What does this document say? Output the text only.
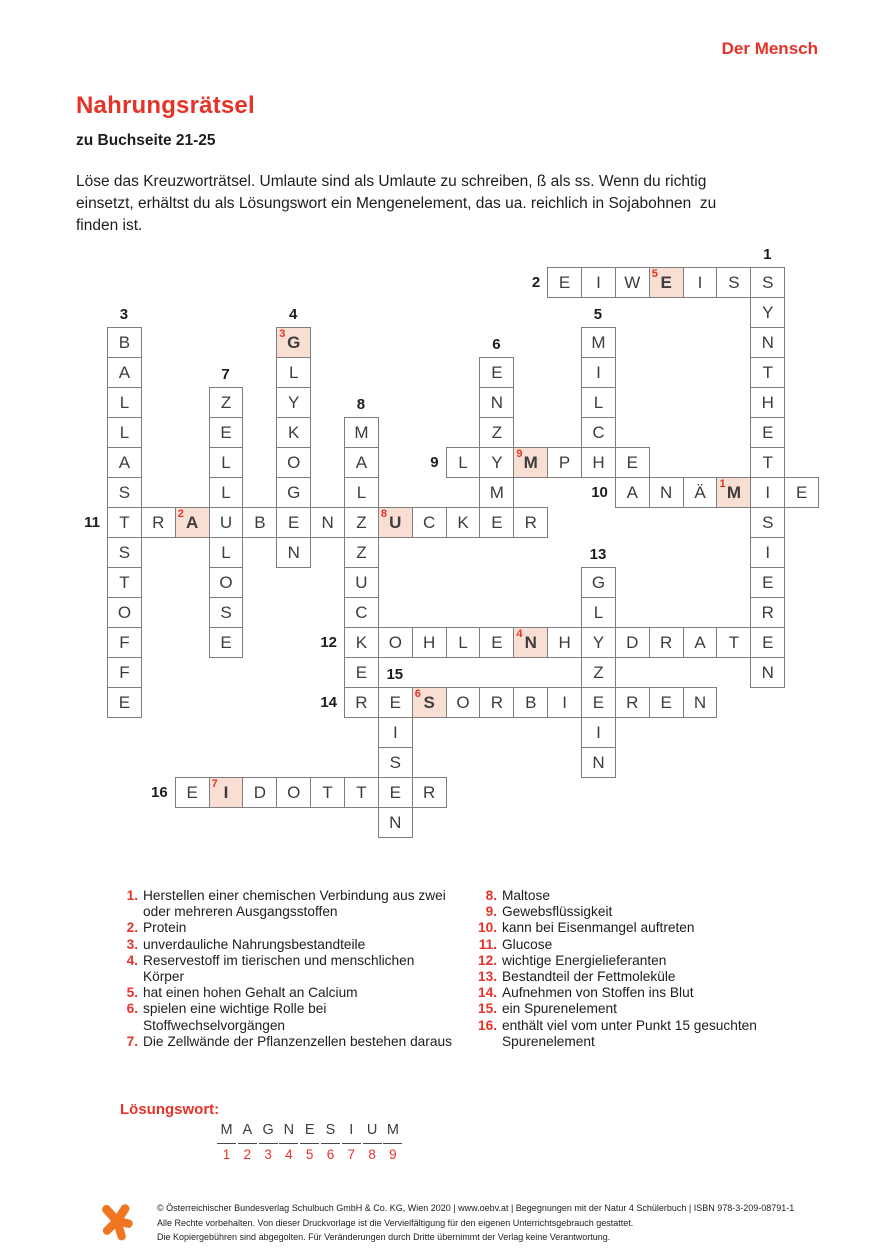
Der Mensch
Nahrungsrätsel
zu Buchseite 21-25
Löse das Kreuzworträtsel. Umlaute sind als Umlaute zu schreiben, ß als ss. Wenn du richtig
einsetzt, erhältst du als Lösungswort ein Mengenelement, das ua. reichlich in Sojabohnen  zu
finden ist.
E I W E
5 I S S
Y
B	G
3	M	N
A	L	E	I	T
L	Z	Y	N	L	H
L	E	K	M	Z	C	E
A	L	O	A	L Y M
9 P H E	T
S	L	G	L	M	A N Ä M
1 I E
T R A
2 U B E N Z U
8 C K E R	S
S	L	N	Z	I
T	O	U	G	E
O	S	C	L	R
F	E	K O H L E N
4 H Y D R A T E
F	E	Z	N
E	R E S
6 O R B I E R E N
I	I
S	N
E I
7 D O T T E R
N
1
2
3	4	5
6
7
8
9
10
11
12
13
14
15
16
1. Herstellen einer chemischen Verbindung aus zwei
oder mehreren Ausgangsstoffen
2. Protein
3. unverdauliche Nahrungsbestandteile
4. Reservestoff im tierischen und menschlichen
Körper
5. hat einen hohen Gehalt an Calcium
6. spielen eine wichtige Rolle bei
Stoffwechselvorgängen
7. Die Zellwände der Pflanzenzellen bestehen daraus
8. Maltose
9. Gewebsflüssigkeit
10. kann bei Eisenmangel auftreten
11. Glucose
12. wichtige Energielieferanten
13. Bestandteil der Fettmoleküle
14. Aufnehmen von Stoffen ins Blut
15. ein Spurenelement
16. enthält viel vom unter Punkt 15 gesuchten
Spurenelement
Lösungswort:
M
1
A
2
G
3
N
4
E
5
S
6
I
7
U
8
M
9
© Österreichischer Bundesverlag Schulbuch GmbH & Co. KG, Wien 2020 | www.oebv.at | Begegnungen mit der Natur 4 Schülerbuch | ISBN 978-3-209-08791-1
Alle Rechte vorbehalten. Von dieser Druckvorlage ist die Vervielfältigung für den eigenen Unterrichtsgebrauch gestattet.
Die Kopiergebühren sind abgegolten. Für Veränderungen durch Dritte übernimmt der Verlag keine Verantwortung.
